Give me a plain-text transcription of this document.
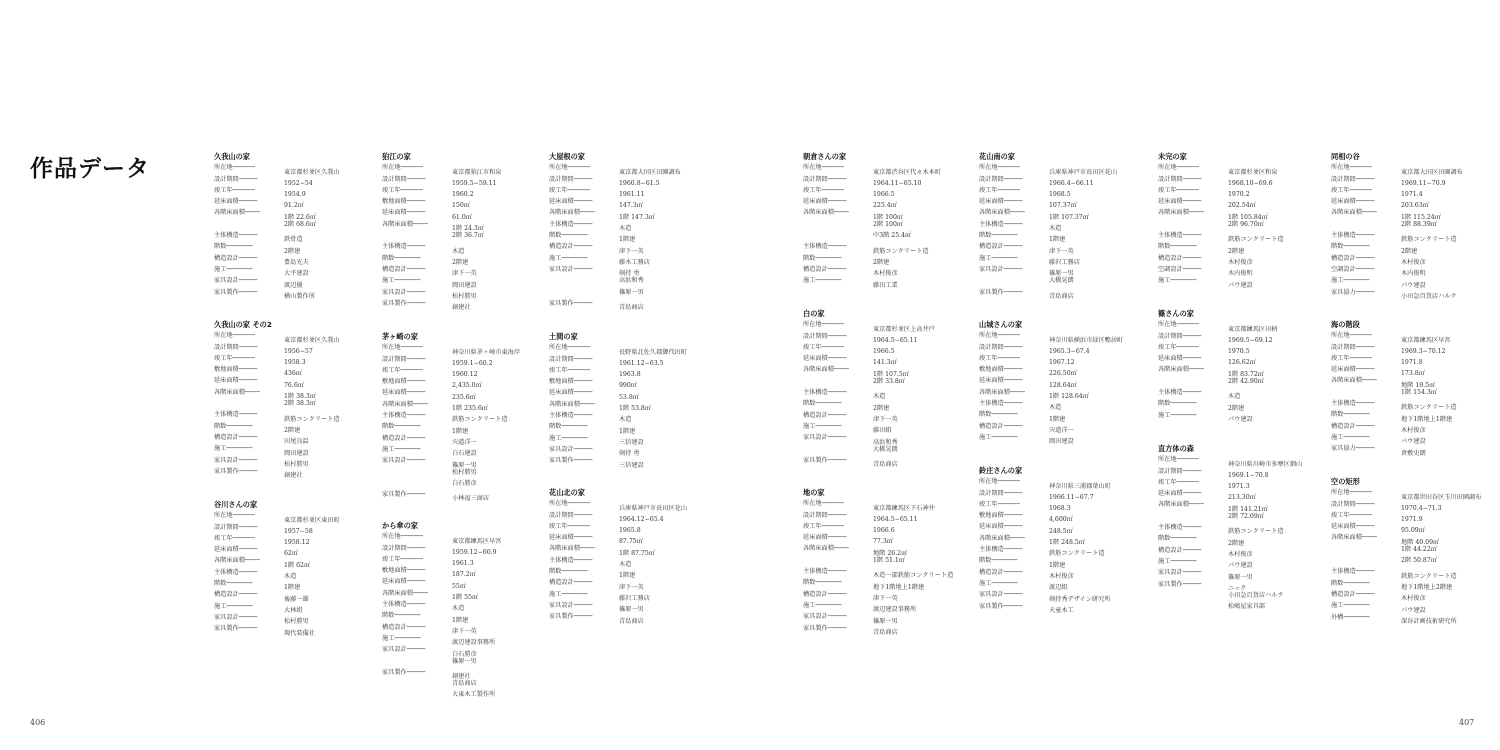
作品データ	久我山の家
所在地──────東京都杉並区久我山
設計期間─────1952−54
竣工年──────1954.9
延床面積─────91.2㎡
各階床面積────1階 22.6㎡
2階 68.6㎡
主体構造─────鉄骨造
階数───────2階建
構造設計─────豊島光夫
施工───────大平建設
家具設計─────渡辺優
家具製作─────横山製作所
久我山の家 その2
所在地──────東京都杉並区久我山
設計期間─────1956−57
竣工年──────1958.3
敷地面積─────436㎡
延床面積─────76.6㎡
各階床面積────1階 38.3㎡
2階 38.3㎡
主体構造─────鉄筋コンクリート造
階数───────2階建
構造設計─────田尾良温
施工───────岡田建設
家具設計─────松村勝男
家具製作─────創建社
谷川さんの家
所在地──────東京都杉並区東田町
設計期間─────1957−58
竣工年──────1958.12
延床面積─────62㎡
各階床面積────1階 62㎡
主体構造─────木造
階数───────1階建
構造設計─────後藤一雄
施工───────大林組
家具設計─────松村勝男
家具製作─────現代装備社
狛江の家
所在地──────東京都狛江市和泉
設計期間─────1959.5−59.11
竣工年──────1960.2
敷地面積─────150㎡
延床面積─────61.0㎡
各階床面積────1階 24.3㎡
2階 36.7㎡
主体構造─────木造
階数───────2階建
構造設計─────津下一英
施工───────岡田建設
家具設計─────松村勝男
家具製作─────創建社
茅ヶ崎の家
所在地──────神奈川県茅ヶ崎市東海岸
設計期間─────1959.1−60.2
竣工年──────1960.12
敷地面積─────2,435.0㎡
延床面積─────235.6㎡
各階床面積────1階 235.6㎡
主体構造─────鉄筋コンクリート造
階数───────1階建
構造設計─────宍道洋一
施工───────白石建設
家具設計─────篠原一男
松村勝男
白石勝彦
家具製作─────小林福三商店
から傘の家
所在地──────東京都練馬区早宮
設計期間─────1959.12−60.9
竣工年──────1961.3
敷地面積─────187.2㎡
延床面積─────55㎡
各階床面積────1階 55㎡
主体構造─────木造
階数───────1階建
構造設計─────津下一英
施工───────渡辺建設事務所
家具設計─────白石勝彦
篠原一男
家具製作─────創建社
青島商店
大東木工製作所
大屋根の家
所在地──────東京都大田区田園調布
設計期間─────1960.8−61.5
竣工年──────1961.11
延床面積─────147.3㎡
各階床面積────1階 147.3㎡
主体構造─────木造
階数───────1階建
構造設計─────津下一英
施工───────藤木工務店
家具設計─────剣持 勇
高浜和秀
篠原一男
家具製作─────青島商店
土間の家
所在地──────長野県北佐久郡御代田町
設計期間─────1961.12−63.5
竣工年──────1963.8
敷地面積─────990㎡
延床面積─────53.8㎡
各階床面積────1階 53.8㎡
主体構造─────木造
階数───────1階建
施工───────三信建設
家具設計─────剣持 勇
家具製作─────三信建設
花山北の家
所在地──────兵庫県神戸市長田区花山
設計期間─────1964.12−65.4
竣工年──────1965.8
延床面積─────87.75㎡
各階床面積────1階 87.75㎡
主体構造─────木造
階数───────1階建
構造設計─────津下一英
施工───────藤沢工務店
家具設計─────篠原一男
家具製作─────青島商店
朝倉さんの家
所在地──────東京都渋谷区代々木本町
設計期間─────1964.11−65.10
竣工年──────1966.5
延床面積─────225.4㎡
各階床面積────1階 100㎡
2階 100㎡
中3階 25.4㎡
主体構造─────鉄筋コンクリート造
階数───────2階建
構造設計─────木村俊彦
施工───────藤田工業
白の家
所在地──────東京都杉並区上高井戸
設計期間─────1964.5−65.11
竣工年──────1966.5
延床面積─────141.3㎡
各階床面積────1階 107.5㎡
2階 33.8㎡
主体構造─────木造
階数───────2階建
構造設計─────津下一英
施工───────藤田組
家具設計─────高浜和秀
大橋晃朗
家具製作─────青島商店
地の家
所在地──────東京都練馬区下石神井
設計期間─────1964.5−65.11
竣工年──────1966.6
延床面積─────77.3㎡
各階床面積────地階 26.2㎡
1階 51.1㎡
主体構造─────木造一部鉄筋コンクリート造
階数───────地下1階地上1階建
構造設計─────津下一英
施工───────渡辺建設事務所
家具設計─────篠原一男
家具製作─────青島商店
花山南の家
所在地──────兵庫県神戸市長田区花山
設計期間─────1966.4−66.11
竣工年──────1968.5
延床面積─────107.37㎡
各階床面積────1階 107.37㎡
主体構造─────木造
階数───────1階建
構造設計─────津下一英
施工───────藤沢工務店
家具設計─────篠原一男
大橋晃朗
家具製作─────青島商店
山城さんの家
所在地──────神奈川県横浜市緑区鴨居町
設計期間─────1965.3−67.4
竣工年──────1967.12
敷地面積─────226.50㎡
延床面積─────128.64㎡
各階床面積────1階 128.64㎡
主体構造─────木造
階数───────1階建
構造設計─────宍道洋一
施工───────岡田建設
鈴庄さんの家
所在地──────神奈川県三浦郡葉山町
設計期間─────1966.11−67.7
竣工年──────1968.3
敷地面積─────4,600㎡
延床面積─────248.5㎡
各階床面積────1階 248.5㎡
主体構造─────鉄筋コンクリート造
階数───────1階建
構造設計─────木村俊彦
施工───────渡辺組
家具設計─────剣持秀デザイン研究所
家具製作─────天童木工
未完の家
所在地──────東京都杉並区和泉
設計期間─────1968.10−69.6
竣工年──────1970.2
延床面積─────202.54㎡
各階床面積────1階 105.84㎡
2階 96.70㎡
主体構造─────鉄筋コンクリート造
階数───────2階建
構造設計─────木村俊彦
空調設計─────木内俊明
施工───────パウ建設
篠さんの家
所在地──────東京都練馬区田柄
設計期間─────1969.5−69.12
竣工年──────1970.5
延床面積─────126.62㎡
各階床面積────1階 83.72㎡
2階 42.90㎡
主体構造─────木造
階数───────2階建
施工───────パウ建設
直方体の森
所在地──────神奈川県川崎市多摩区細山
設計期間─────1969.1−70.8
竣工年──────1971.3
延床面積─────213.30㎡
各階床面積────1階 141.21㎡
2階 72.09㎡
主体構造─────鉄筋コンクリート造
階数───────2階建
構造設計─────木村俊彦
施工───────パウ建設
家具設計─────篠原一男
家具製作─────ニック
小田急百貨店ハルク
松嶋屋家具部
同相の谷
所在地──────東京都大田区田園調布
設計期間─────1969.11−70.9
竣工年──────1971.4
延床面積─────203.63㎡
各階床面積────1階 115.24㎡
2階 88.39㎡
主体構造─────鉄筋コンクリート造
階数───────2階建
構造設計─────木村俊彦
空調設計─────木内俊明
施工───────パウ建設
家具協力─────小田急百貨店ハルク
海の階段
所在地──────東京都練馬区早宮
設計期間─────1969.3−70.12
竣工年──────1971.8
延床面積─────173.8㎡
各階床面積────地階 19.5㎡
1階 154.3㎡
主体構造─────鉄筋コンクリート造
階数───────地下1階地上1階建
構造設計─────木村俊彦
施工───────パウ建設
家具協力─────倉敷史朗
空の矩形
所在地──────東京都世田谷区玉川田園調布
設計期間─────1970.4−71.3
竣工年──────1971.9
延床面積─────95.09㎡
各階床面積────地階 40.09㎡
1階 44.22㎡
2階 50.87㎡
主体構造─────鉄筋コンクリート造
階数───────地下1階地上2階建
構造設計─────木村俊彦
施工───────パウ建設
外構───────深谷計画技術研究所
406	407
